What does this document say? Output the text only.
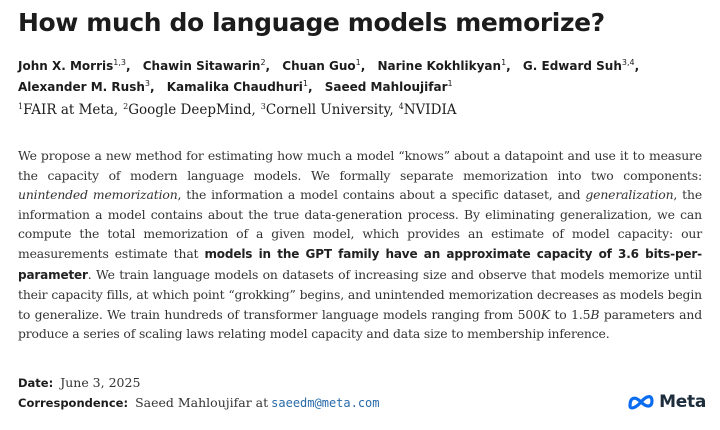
How much do language models memorize?
John X. Morris$^{1,3}$, Chawin Sitawarin$^2$, Chuan Guo$^1$, Narine Kokhlikyan$^1$, G. Edward Suh$^{3,4}$, Alexander M. Rush$^3$, Kamalika Chaudhuri$^1$, Saeed Mahloujifar$^1$
$^1$FAIR at Meta, $^2$Google DeepMind, $^3$Cornell University, $^4$NVIDIA
We propose a new method for estimating how much a model “knows” about a datapoint and use it to measure the capacity of modern language models. We formally separate memorization into two components: unintended memorization, the information a model contains about a specific dataset, and generalization, the information a model contains about the true data-generation process. By eliminating generalization, we can compute the total memorization of a given model, which provides an estimate of model capacity: our measurements estimate that models in the GPT family have an approximate capacity of 3.6 bits-per-parameter. We train language models on datasets of increasing size and observe that models memorize until their capacity fills, at which point “grokking” begins, and unintended memorization decreases as models begin to generalize. We train hundreds of transformer language models ranging from 500K to 1.5B parameters and produce a series of scaling laws relating model capacity and data size to membership inference.
Date: June 3, 2025
Correspondence: Saeed Mahloujifar at saeedm@meta.com	Meta
